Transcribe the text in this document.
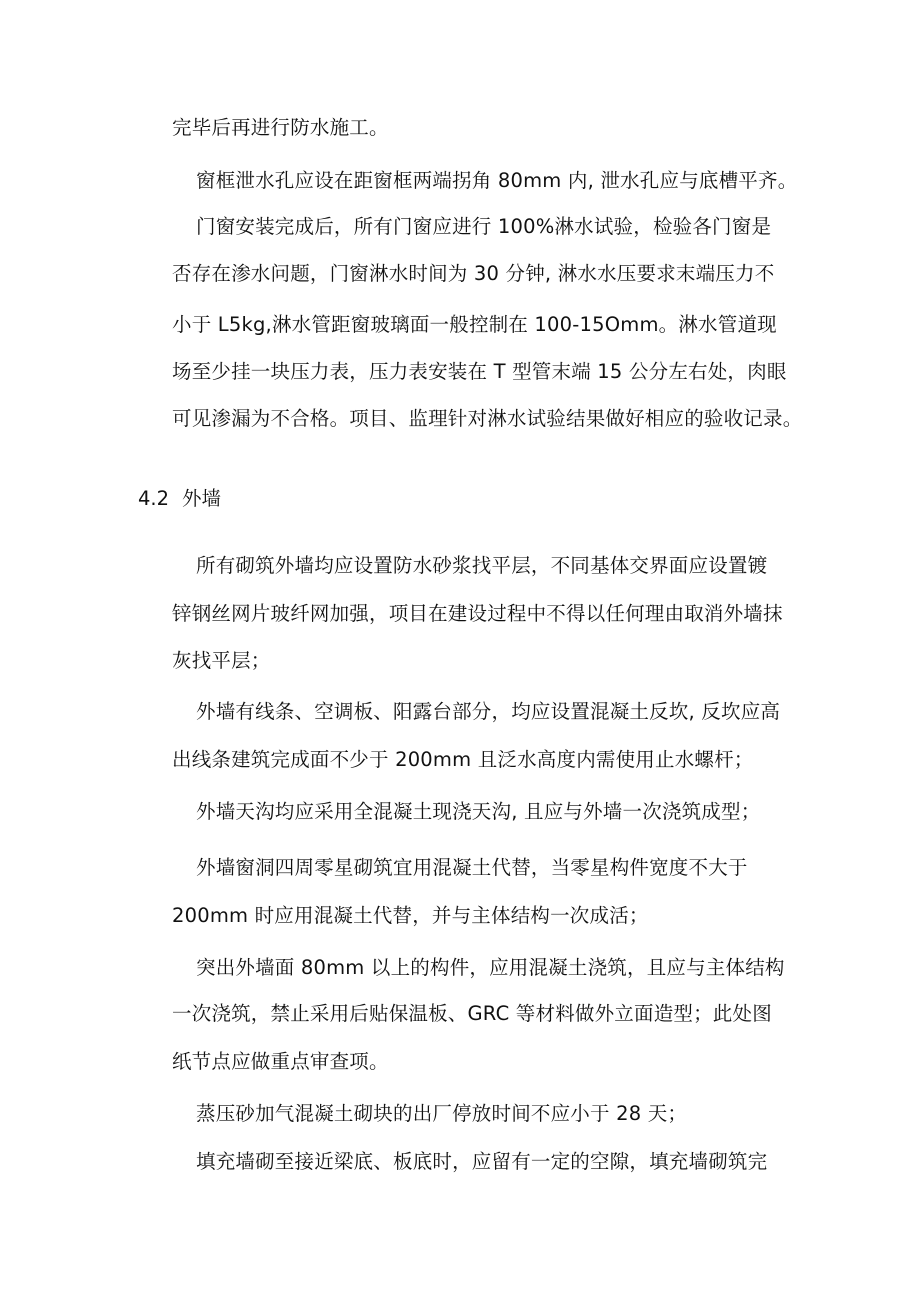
完毕后再进行防水施工。
窗框泄水孔应设在距窗框两端拐角 80mm 内, 泄水孔应与底槽平齐。
门窗安装完成后，所有门窗应进行 100%淋水试验，检验各门窗是
否存在渗水问题，门窗淋水时间为 30 分钟, 淋水水压要求末端压力不
小于 L5kg,淋水管距窗玻璃面一般控制在 100-15Omm。淋水管道现
场至少挂一块压力表，压力表安装在 T 型管末端 15 公分左右处，肉眼
可见渗漏为不合格。项目、监理针对淋水试验结果做好相应的验收记录。
4.2 外墙
所有砌筑外墙均应设置防水砂浆找平层，不同基体交界面应设置镀
锌钢丝网片玻纤网加强，项目在建设过程中不得以任何理由取消外墙抹
灰找平层；
外墙有线条、空调板、阳露台部分，均应设置混凝土反坎, 反坎应高
出线条建筑完成面不少于 200mm 且泛水高度内需使用止水螺杆；
外墙天沟均应采用全混凝土现浇天沟, 且应与外墙一次浇筑成型；
外墙窗洞四周零星砌筑宜用混凝土代替，当零星构件宽度不大于
200mm 时应用混凝土代替，并与主体结构一次成活；
突出外墙面 80mm 以上的构件，应用混凝土浇筑，且应与主体结构
一次浇筑，禁止采用后贴保温板、GRC 等材料做外立面造型；此处图
纸节点应做重点审查项。
蒸压砂加气混凝土砌块的出厂停放时间不应小于 28 天；
填充墙砌至接近梁底、板底时，应留有一定的空隙，填充墙砌筑完
